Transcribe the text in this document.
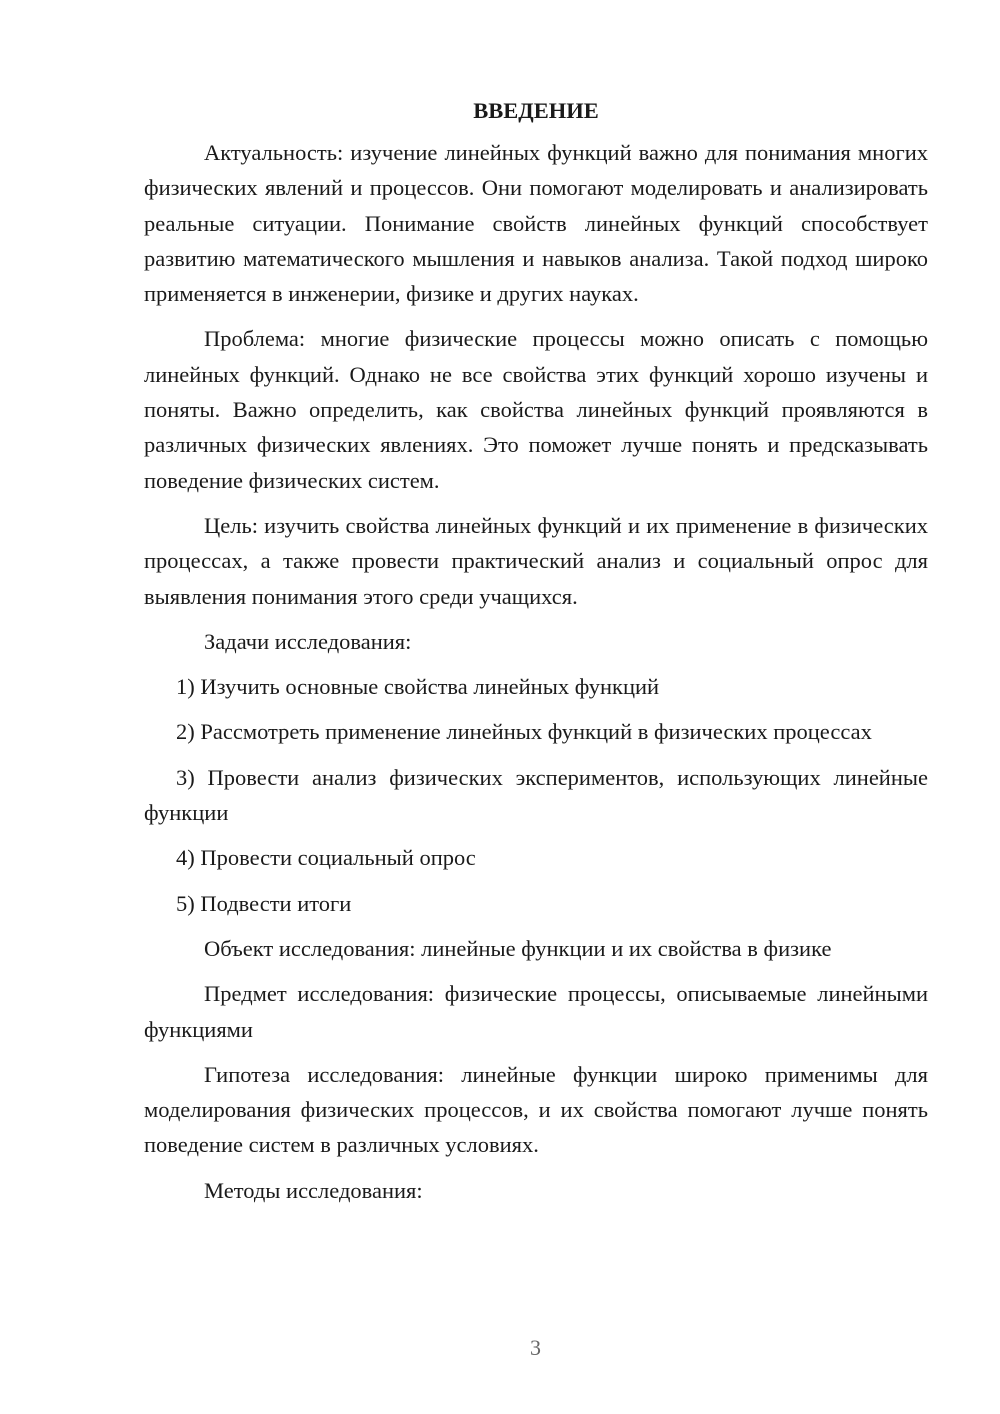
ВВЕДЕНИЕ

Актуальность: изучение линейных функций важно для понимания многих физических явлений и процессов. Они помогают моделировать и анализировать реальные ситуации. Понимание свойств линейных функций способствует развитию математического мышления и навыков анализа. Такой подход широко применяется в инженерии, физике и других науках.

Проблема: многие физические процессы можно описать с помощью линейных функций. Однако не все свойства этих функций хорошо изучены и поняты. Важно определить, как свойства линейных функций проявляются в различных физических явлениях. Это поможет лучше понять и предсказывать поведение физических систем.

Цель: изучить свойства линейных функций и их применение в физических процессах, а также провести практический анализ и социальный опрос для выявления понимания этого среди учащихся.

Задачи исследования:

1) Изучить основные свойства линейных функций

2) Рассмотреть применение линейных функций в физических процессах

3) Провести анализ физических экспериментов, использующих линейные функции

4) Провести социальный опрос

5) Подвести итоги

Объект исследования: линейные функции и их свойства в физике

Предмет исследования: физические процессы, описываемые линейными функциями

Гипотеза исследования: линейные функции широко применимы для моделирования физических процессов, и их свойства помогают лучше понять поведение систем в различных условиях.

Методы исследования:

3
